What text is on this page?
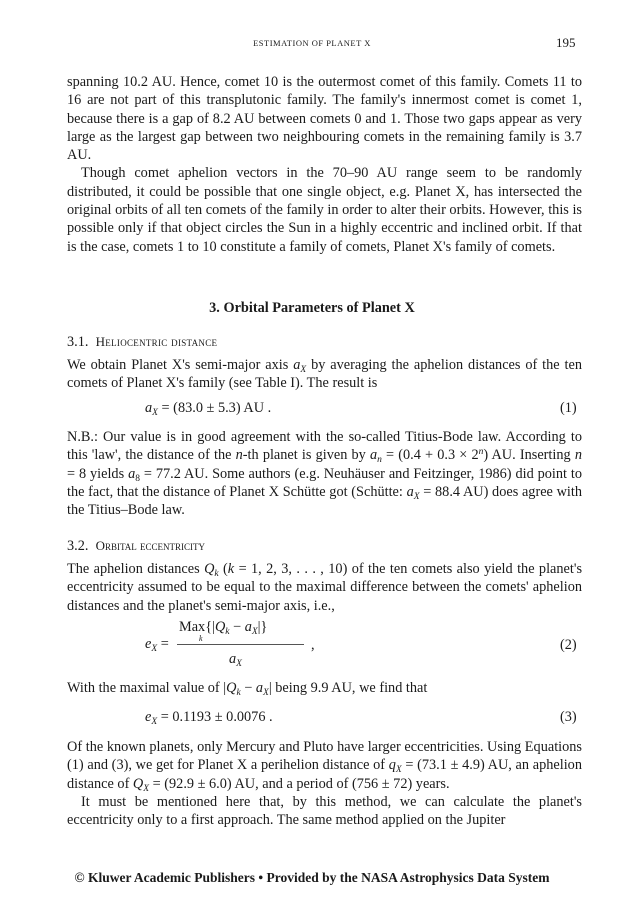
ESTIMATION OF PLANET X	195

spanning 10.2 AU. Hence, comet 10 is the outermost comet of this family. Comets 11 to 16 are not part of this transplutonic family. The family's innermost comet is comet 1, because there is a gap of 8.2 AU between comets 0 and 1. Those two gaps appear as very large as the largest gap between two neighbouring comets in the remaining family is 3.7 AU.

Though comet aphelion vectors in the 70–90 AU range seem to be randomly distributed, it could be possible that one single object, e.g. Planet X, has intersected the original orbits of all ten comets of the family in order to alter their orbits. However, this is possible only if that object circles the Sun in a highly eccentric and inclined orbit. If that is the case, comets 1 to 10 constitute a family of comets, Planet X's family of comets.

3. Orbital Parameters of Planet X
3.1. Heliocentric distance

We obtain Planet X's semi-major axis $a_X$ by averaging the aphelion distances of the ten comets of Planet X's family (see Table I). The result is

$a_X = (83.0 \pm 5.3)$ AU .	(1)

N.B.: Our value is in good agreement with the so-called Titius-Bode law. According to this 'law', the distance of the n-th planet is given by $a_n = (0.4 + 0.3 \times 2^n)$ AU. Inserting n = 8 yields $a_8 = 77.2$ AU. Some authors (e.g. Neuhäuser and Feitzinger, 1986) did point to the fact, that the distance of Planet X Schütte got (Schütte: $a_X = 88.4$ AU) does agree with the Titius–Bode law.

3.2. Orbital eccentricity

The aphelion distances $Q_k$ (k = 1, 2, 3, . . . , 10) of the ten comets also yield the planet's eccentricity assumed to be equal to the maximal difference between the comets' aphelion distances and the planet's semi-major axis, i.e.,

$e_X$ =
$Max\{|Q_k - a_X|\}$
k	,
$a_X$
(2)

With the maximal value of $|Q_k - a_X|$ being 9.9 AU, we find that

$e_X = 0.1193 \pm 0.0076$ .	(3)

Of the known planets, only Mercury and Pluto have larger eccentricities. Using Equations (1) and (3), we get for Planet X a perihelion distance of $q_X = (73.1 \pm 4.9)$ AU, an aphelion distance of $Q_X = (92.9 \pm 6.0)$ AU, and a period of (756 ± 72) years.

It must be mentioned here that, by this method, we can calculate the planet's eccentricity only to a first approach. The same method applied on the Jupiter

© Kluwer Academic Publishers • Provided by the NASA Astrophysics Data System
